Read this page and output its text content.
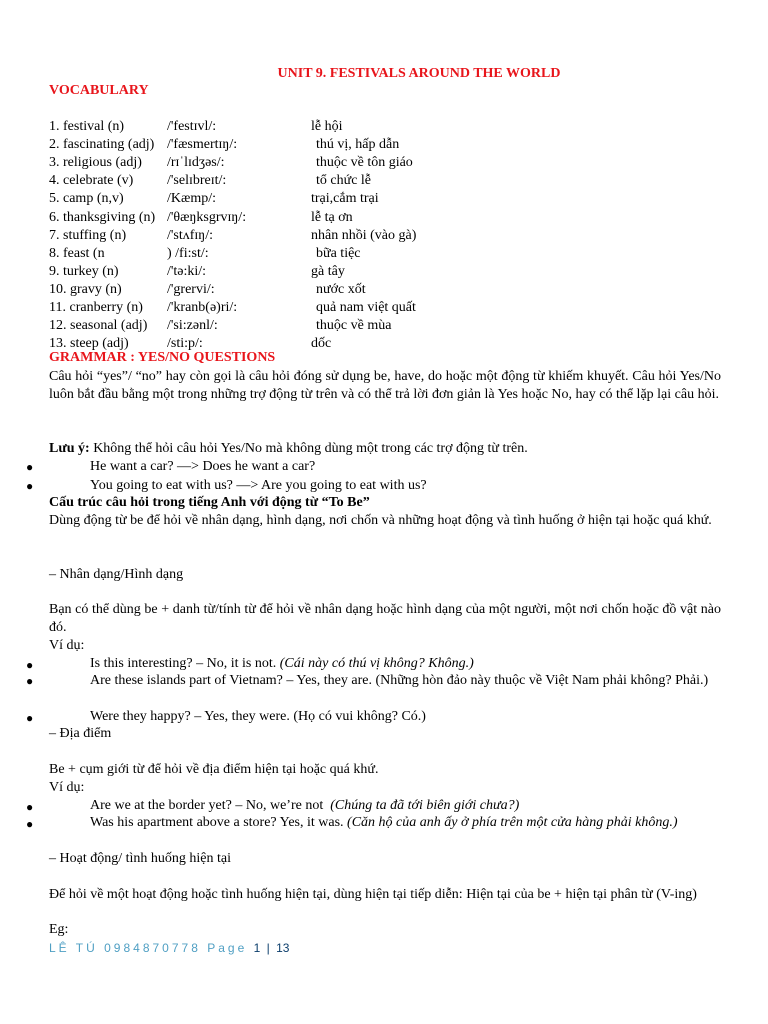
UNIT 9. FESTIVALS AROUND THE WORLD
VOCABULARY
1. festival (n)	/'festɪvl/:	lễ hội
2. fascinating (adj) /'fæsmertɪŋ/:	thú vị, hấp dẫn
3. religious (adj) /rɪˈlɪdʒəs/:	thuộc về tôn giáo
4. celebrate (v) /'selɪbreɪt/:	tổ chức lễ
5. camp (n,v)	/Kæmp/:	trại,cắm trại
6. thanksgiving (n) /'θæŋksgrvɪŋ/:	lễ tạ ơn
7. stuffing (n)	/'stʌfɪŋ/:	nhân nhồi (vào gà)
8. feast (n	) /fi:st/:	bữa tiệc
9. turkey (n)	/'tə:ki/:	gà tây
10. gravy (n)	/'grervi/:	nước xốt
11. cranberry (n) /'kranb(ə)ri/:	quả nam việt quất
12. seasonal (adj) /'si:zənl/:	thuộc về mùa
13. steep (adj)	/sti:p/:	dốc
GRAMMAR : YES/NO QUESTIONS
Câu hỏi “yes”/ “no” hay còn gọi là câu hỏi đóng sử dụng be, have, do hoặc một động từ khiếm khuyết. Câu hỏi Yes/No luôn bắt đầu bằng một trong những trợ động từ trên và có thể trả lời đơn giản là Yes hoặc No, hay có thể lặp lại câu hỏi.
Lưu ý: Không thể hỏi câu hỏi Yes/No mà không dùng một trong các trợ động từ trên.
●	He want a car? —> Does he want a car?
●	You going to eat with us? —> Are you going to eat with us?
Cấu trúc câu hỏi trong tiếng Anh với động từ “To Be”
Dùng động từ be để hỏi về nhân dạng, hình dạng, nơi chốn và những hoạt động và tình huống ở hiện tại hoặc quá khứ.
– Nhân dạng/Hình dạng
Bạn có thể dùng be + danh từ/tính từ để hỏi về nhân dạng hoặc hình dạng của một người, một nơi chốn hoặc đồ vật nào đó.
Ví dụ:
●	Is this interesting? – No, it is not. (Cái này có thú vị không? Không.)
●	Are these islands part of Vietnam? – Yes, they are. (Những hòn đảo này thuộc về Việt Nam phải không? Phải.)
●	Were they happy? – Yes, they were. (Họ có vui không? Có.)
– Địa điểm
Be + cụm giới từ để hỏi về địa điểm hiện tại hoặc quá khứ.
Ví dụ:
●	Are we at the border yet? – No, we’re not (Chúng ta đã tới biên giới chưa?)
●	Was his apartment above a store? Yes, it was. (Căn hộ của anh ấy ở phía trên một cửa hàng phải không.)
– Hoạt động/ tình huống hiện tại
Để hỏi về một hoạt động hoặc tình huống hiện tại, dùng hiện tại tiếp diễn: Hiện tại của be + hiện tại phân từ (V-ing)
Eg:
LÊ TÚ 0984870778 Page 1 | 13
